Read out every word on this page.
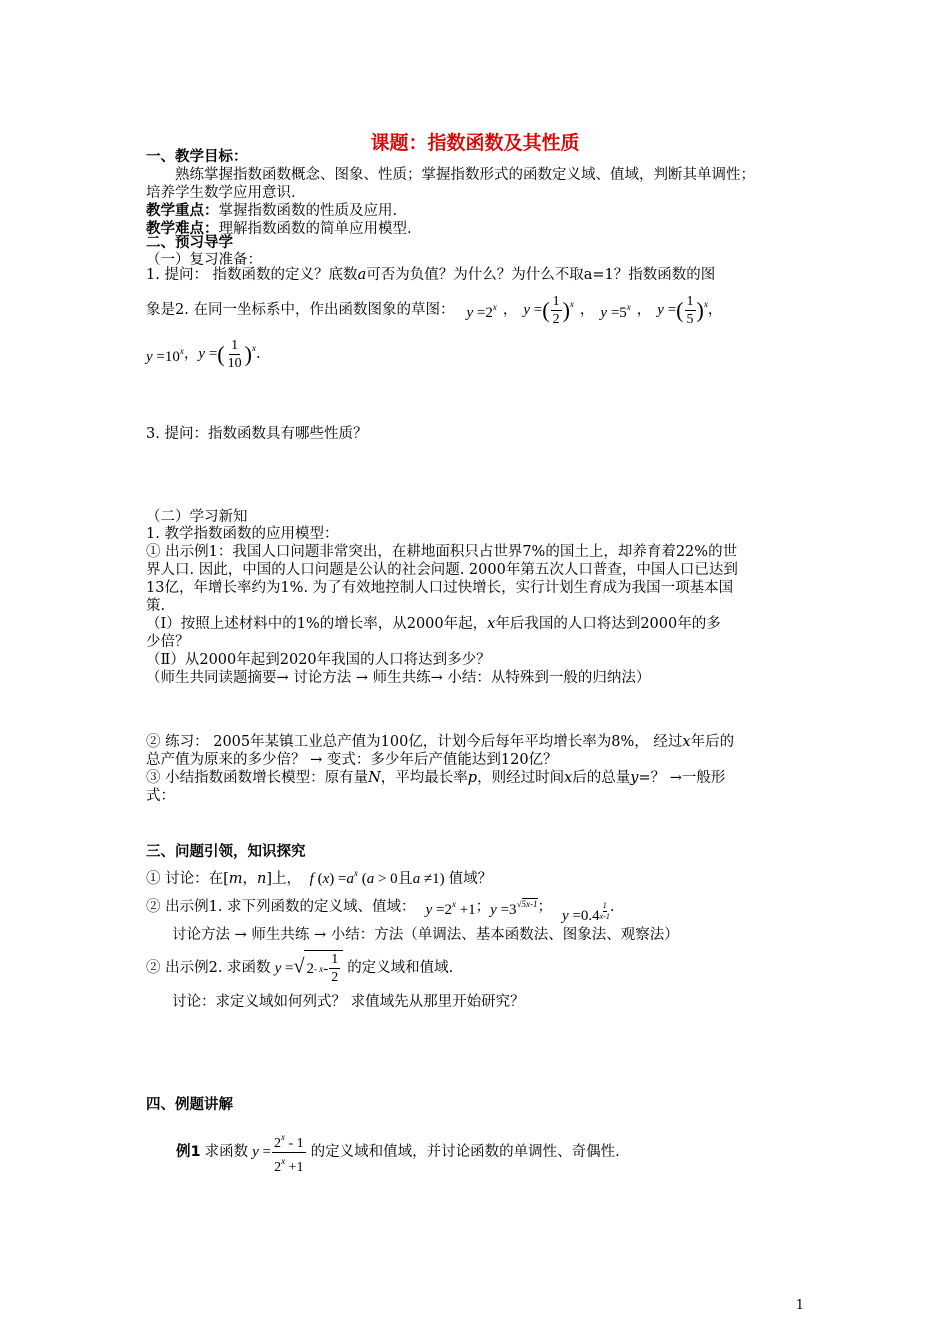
课题：指数函数及其性质
一、教学目标：
熟练掌握指数函数概念、图象、性质；掌握指数形式的函数定义域、值域，判断其单调性；
培养学生数学应用意识.
教学重点：掌握指数函数的性质及应用.
教学难点：理解指数函数的简单应用模型.
二、预习导学
（一）复习准备：
1. 提问： 指数函数的定义？底数a可否为负值？为什么？为什么不取a=1？指数函数的图
象是2. 在同一坐标系中，作出函数图象的草图： $y =2^x$ ， y =( $\frac{1}{2} )^x$ ， $y =5^x$ ， y =( $\frac{1}{5} )^x$ ，
$y =10^x$ ， y =( $\frac{1}{10} )^x$ .
3. 提问：指数函数具有哪些性质？
（二）学习新知
1. 教学指数函数的应用模型：
① 出示例1：我国人口问题非常突出，在耕地面积只占世界7%的国土上，却养育着22%的世
界人口. 因此，中国的人口问题是公认的社会问题. 2000年第五次人口普查，中国人口已达到
13亿，年增长率约为1%. 为了有效地控制人口过快增长，实行计划生育成为我国一项基本国
策.
（Ⅰ）按照上述材料中的1%的增长率，从2000年起，x年后我国的人口将达到2000年的多
少倍？
（Ⅱ）从2000年起到2020年我国的人口将达到多少？
（师生共同读题摘要→ 讨论方法 → 师生共练→ 小结：从特殊到一般的归纳法）
② 练习： 2005年某镇工业总产值为100亿，计划今后每年平均增长率为8%， 经过x年后的
总产值为原来的多少倍？ → 变式：多少年后产值能达到120亿？
③ 小结指数函数增长模型：原有量N，平均最长率p，则经过时间x后的总量y=？ →一般形
式：
三、问题引领，知识探究
① 讨论：在[m，n]上， f $(x) =a^x$ (a > 0且a ≠1) 值域？
② 出示例1. 求下列函数的定义域、值域： $y =2^x +1$ ； $y =3^{√5x-1}$ ；
$y =0.4 \frac{1}{x-1}$ .
讨论方法 → 师生共练 → 小结：方法（单调法、基本函数法、图象法、观察法）
② 出示例2. 求函数 y =√ 2 - x - $\frac{1}{2}$ 的定义域和值域.
讨论：求定义域如何列式？ 求值域先从那里开始研究？
四、例题讲解
例1 求函数 $y = \frac{2^x - 1}{2^x +1}$ 的定义域和值域，并讨论函数的单调性、奇偶性.
1
